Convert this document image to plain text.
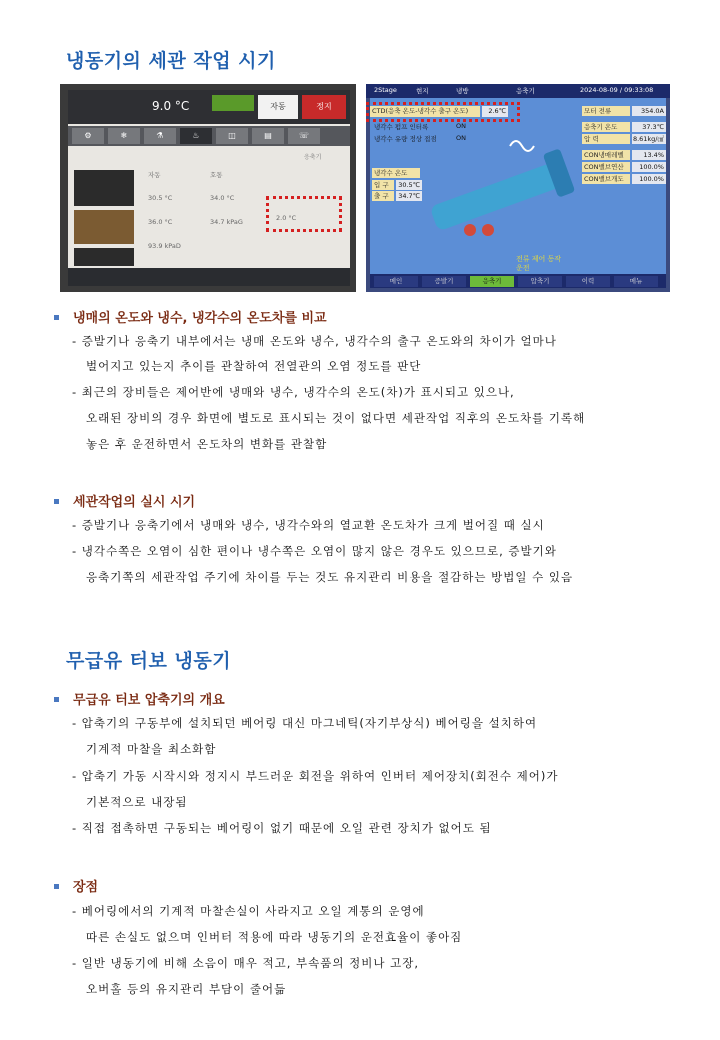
냉동기의 세관 작업 시기
9.0 °C	자동	정지
⚙	❄	⚗	♨	◫	▤	☏
응축기
자동	호통
30.5 °C	34.0 °C
36.0 °C	34.7 kPaG
93.9 kPaD
2.0 °C
2Stage	현지	냉방	응축기	2024-08-09 / 09:33:08
CTD(응축 온도-냉각수 출구 온도)	2.6℃
냉각수 펌프 인터록	ON
냉각수 유량 정상 접점	ON
냉각수 온도
입 구	30.5℃
출 구	34.7℃
모터 전류	354.0A
응축기 온도	37.3℃
압 력	8.61kg/㎠
CON냉매레벨	13.4%
CON밸브연산	100.0%
CON밸브개도	100.0%
전류 제어 동작
운전
메인	증발기	응축기	압축기	이력	메뉴
냉매의 온도와 냉수, 냉각수의 온도차를 비교
- 증발기나 응축기 내부에서는 냉매 온도와 냉수, 냉각수의 출구 온도와의 차이가 얼마나
벌어지고 있는지 추이를 관찰하여 전열관의 오염 정도를 판단
- 최근의 장비들은 제어반에 냉매와 냉수, 냉각수의 온도(차)가 표시되고 있으나,
오래된 장비의 경우 화면에 별도로 표시되는 것이 없다면 세관작업 직후의 온도차를 기록해
놓은 후 운전하면서 온도차의 변화를 관찰함
세관작업의 실시 시기
- 증발기나 응축기에서 냉매와 냉수, 냉각수와의 열교환 온도차가 크게 벌어질 때 실시
- 냉각수쪽은 오염이 심한 편이나 냉수쪽은 오염이 많지 않은 경우도 있으므로, 증발기와
응축기쪽의 세관작업 주기에 차이를 두는 것도 유지관리 비용을 절감하는 방법일 수 있음
무급유 터보 냉동기
무급유 터보 압축기의 개요
- 압축기의 구동부에 설치되던 베어링 대신 마그네틱(자기부상식) 베어링을 설치하여
기계적 마찰을 최소화함
- 압축기 가동 시작시와 정지시 부드러운 회전을 위하여 인버터 제어장치(회전수 제어)가
기본적으로 내장됨
- 직접 접촉하면 구동되는 베어링이 없기 때문에 오일 관련 장치가 없어도 됨
장점
- 베어링에서의 기계적 마찰손실이 사라지고 오일 계통의 운영에
따른 손실도 없으며 인버터 적용에 따라 냉동기의 운전효율이 좋아짐
- 일반 냉동기에 비해 소음이 매우 적고, 부속품의 정비나 고장,
오버홀 등의 유지관리 부담이 줄어듦
